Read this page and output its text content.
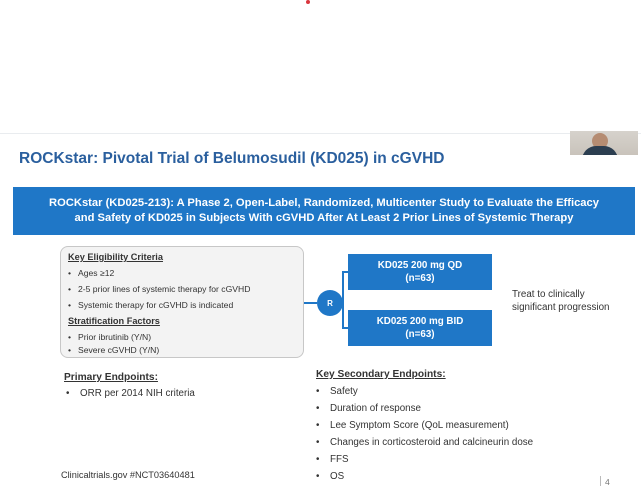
ROCKstar: Pivotal Trial of Belumosudil (KD025) in cGVHD
ROCKstar (KD025-213): A Phase 2, Open-Label, Randomized, Multicenter Study to Evaluate the Efficacy
and Safety of KD025 in Subjects With cGVHD After At Least 2 Prior Lines of Systemic Therapy
Key Eligibility Criteria
• Ages ≥12
• 2-5 prior lines of systemic therapy for cGVHD
• Systemic therapy for cGVHD is indicated
Stratification Factors
• Prior ibrutinib (Y/N)
• Severe cGVHD (Y/N)
R
KD025 200 mg QD
(n=63)
KD025 200 mg BID
(n=63)
Treat to clinically
significant progression
Primary Endpoints:
• ORR per 2014 NIH criteria
Key Secondary Endpoints:
• Safety
• Duration of response
• Lee Symptom Score (QoL measurement)
• Changes in corticosteroid and calcineurin dose
• FFS
• OS
Clinicaltrials.gov #NCT03640481
4
